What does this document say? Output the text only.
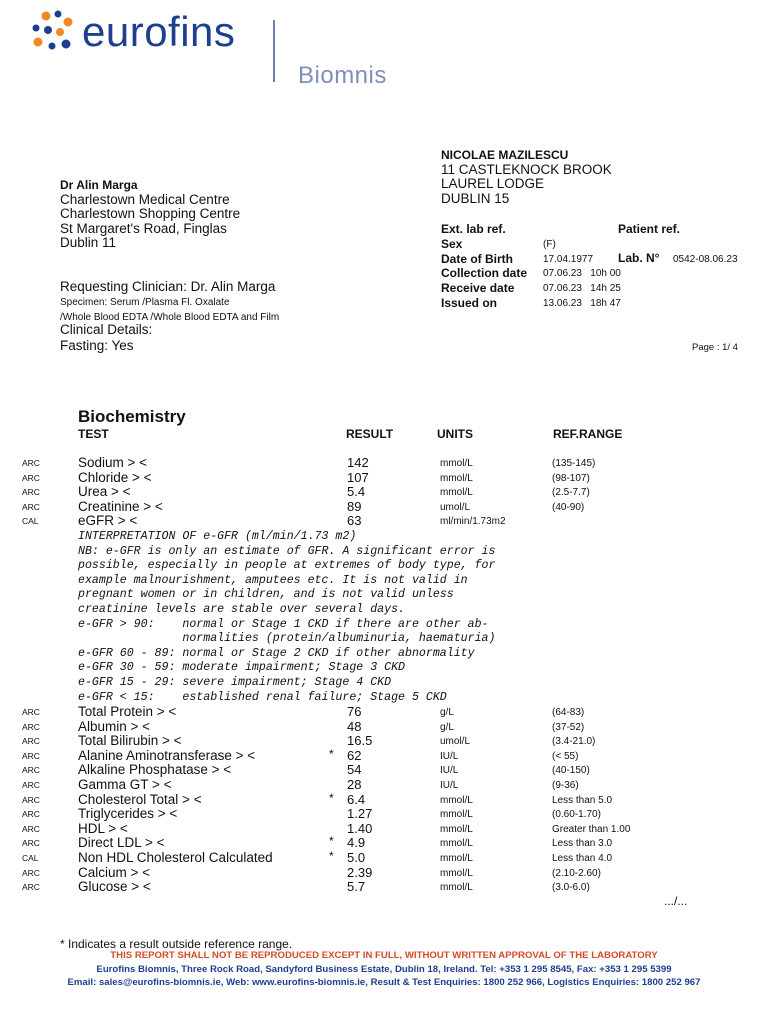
eurofins
Biomnis
NICOLAE MAZILESCU
11 CASTLEKNOCK BROOK
LAUREL LODGE
DUBLIN 15
Dr Alin Marga
Charlestown Medical Centre
Charlestown Shopping Centre
St Margaret's Road, Finglas
Dublin 11
Requesting Clinician: Dr. Alin Marga
Specimen: Serum /Plasma Fl. Oxalate
/Whole Blood EDTA /Whole Blood EDTA and Film
Clinical Details:
Fasting: Yes
Ext. lab ref.	Patient ref.
Sex	(F)
Date of Birth	17.04.1977 Lab. N° 0542-08.06.23
Collection date 07.06.23   10h 00
Receive date	07.06.23   14h 25
Issued on	13.06.23   18h 47
Page : 1/ 4
Biochemistry
TEST	RESULT	UNITS	REF.RANGE
ARC	Sodium > <	142	mmol/L	(135-145)
ARC	Chloride > <	107	mmol/L	(98-107)
ARC	Urea > <	5.4	mmol/L	(2.5-7.7)
ARC	Creatinine > <	89	umol/L	(40-90)
CAL	eGFR > <	63	ml/min/1.73m2
INTERPRETATION OF e-GFR (ml/min/1.73 m2)
NB: e-GFR is only an estimate of GFR. A significant error is
possible, especially in people at extremes of body type, for
example malnourishment, amputees etc. It is not valid in
pregnant women or in children, and is not valid unless
creatinine levels are stable over several days.
e-GFR > 90:    normal or Stage 1 CKD if there are other ab-
normalities (protein/albuminuria, haematuria)
e-GFR 60 - 89: normal or Stage 2 CKD if other abnormality
e-GFR 30 - 59: moderate impairment; Stage 3 CKD
e-GFR 15 - 29: severe impairment; Stage 4 CKD
e-GFR < 15:    established renal failure; Stage 5 CKD
ARC	Total Protein > <	76	g/L	(64-83)
ARC	Albumin > <	48	g/L	(37-52)
ARC	Total Bilirubin > <	16.5	umol/L	(3.4-21.0)
ARC	Alanine Aminotransferase > <	* 62	IU/L	(< 55)
ARC	Alkaline Phosphatase > <	54	IU/L	(40-150)
ARC	Gamma GT > <	28	IU/L	(9-36)
ARC	Cholesterol Total > <	* 6.4	mmol/L	Less than 5.0
ARC	Triglycerides > <	1.27	mmol/L	(0.60-1.70)
ARC	HDL > <	1.40	mmol/L	Greater than 1.00
ARC	Direct LDL > <	* 4.9	mmol/L	Less than 3.0
CAL	Non HDL Cholesterol Calculated	* 5.0	mmol/L	Less than 4.0
ARC	Calcium > <	2.39	mmol/L	(2.10-2.60)
ARC	Glucose > <	5.7	mmol/L	(3.0-6.0)
.../...
* Indicates a result outside reference range.
THIS REPORT SHALL NOT BE REPRODUCED EXCEPT IN FULL, WITHOUT WRITTEN APPROVAL OF THE LABORATORY
Eurofins Biomnis, Three Rock Road, Sandyford Business Estate, Dublin 18, Ireland. Tel: +353 1 295 8545, Fax: +353 1 295 5399
Email: sales@eurofins-biomnis.ie, Web: www.eurofins-biomnis.ie, Result & Test Enquiries: 1800 252 966, Logistics Enquiries: 1800 252 967
